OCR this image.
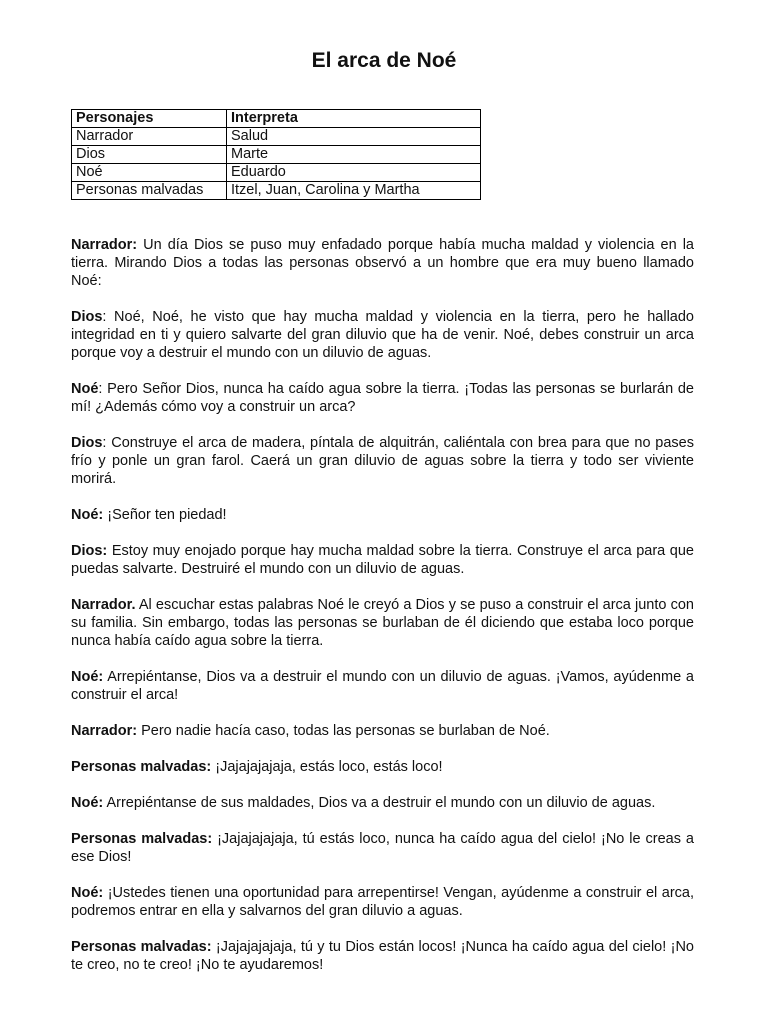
El arca de Noé
Personajes	Interpreta
Narrador	Salud
Dios	Marte
Noé	Eduardo
Personas malvadas	Itzel, Juan, Carolina y Martha

Narrador: Un día Dios se puso muy enfadado porque había mucha maldad y violencia en la tierra. Mirando Dios a todas las personas observó a un hombre que era muy bueno llamado Noé:

Dios: Noé, Noé, he visto que hay mucha maldad y violencia en la tierra, pero he hallado integridad en ti y quiero salvarte del gran diluvio que ha de venir. Noé, debes construir un arca porque voy a destruir el mundo con un diluvio de aguas.

Noé: Pero Señor Dios, nunca ha caído agua sobre la tierra. ¡Todas las personas se burlarán de mí! ¿Además cómo voy a construir un arca?

Dios: Construye el arca de madera, píntala de alquitrán, caliéntala con brea para que no pases frío y ponle un gran farol. Caerá un gran diluvio de aguas sobre la tierra y todo ser viviente morirá.

Noé: ¡Señor ten piedad!

Dios: Estoy muy enojado porque hay mucha maldad sobre la tierra. Construye el arca para que puedas salvarte. Destruiré el mundo con un diluvio de aguas.

Narrador. Al escuchar estas palabras Noé le creyó a Dios y se puso a construir el arca junto con su familia. Sin embargo, todas las personas se burlaban de él diciendo que estaba loco porque nunca había caído agua sobre la tierra.

Noé: Arrepiéntanse, Dios va a destruir el mundo con un diluvio de aguas. ¡Vamos, ayúdenme a construir el arca!

Narrador: Pero nadie hacía caso, todas las personas se burlaban de Noé.

Personas malvadas: ¡Jajajajajaja, estás loco, estás loco!

Noé: Arrepiéntanse de sus maldades, Dios va a destruir el mundo con un diluvio de aguas.

Personas malvadas: ¡Jajajajajaja, tú estás loco, nunca ha caído agua del cielo! ¡No le creas a ese Dios!

Noé: ¡Ustedes tienen una oportunidad para arrepentirse! Vengan, ayúdenme a construir el arca, podremos entrar en ella y salvarnos del gran diluvio a aguas.

Personas malvadas: ¡Jajajajajaja, tú y tu Dios están locos! ¡Nunca ha caído agua del cielo! ¡No te creo, no te creo! ¡No te ayudaremos!
